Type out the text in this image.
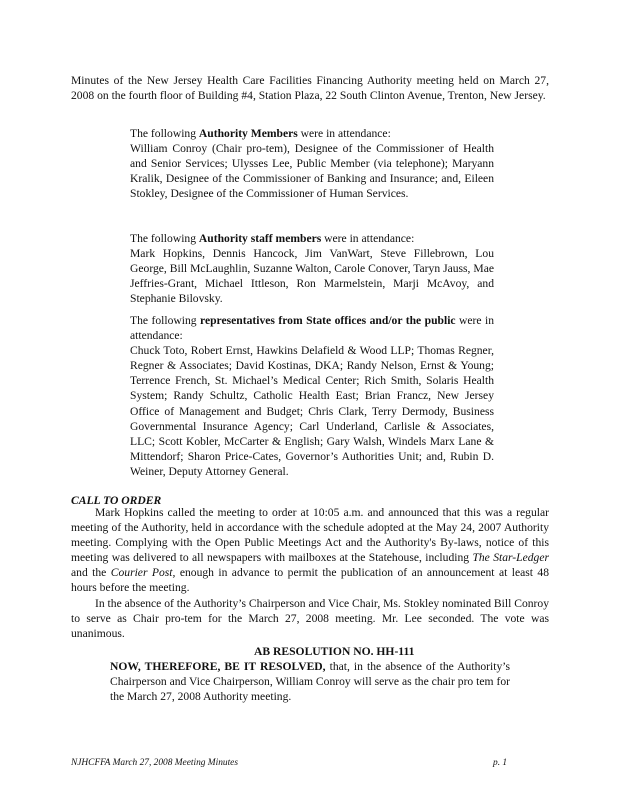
Minutes of the New Jersey Health Care Facilities Financing Authority meeting held on March 27, 2008 on the fourth floor of Building #4, Station Plaza, 22 South Clinton Avenue, Trenton, New Jersey.

The following Authority Members were in attendance:

William Conroy (Chair pro-tem), Designee of the Commissioner of Health and Senior Services; Ulysses Lee, Public Member (via telephone); Maryann Kralik, Designee of the Commissioner of Banking and Insurance; and, Eileen Stokley, Designee of the Commissioner of Human Services.

The following Authority staff members were in attendance:

Mark Hopkins, Dennis Hancock, Jim VanWart, Steve Fillebrown, Lou George, Bill McLaughlin, Suzanne Walton, Carole Conover, Taryn Jauss, Mae Jeffries-Grant, Michael Ittleson, Ron Marmelstein, Marji McAvoy, and Stephanie Bilovsky.

The following representatives from State offices and/or the public were in attendance:

Chuck Toto, Robert Ernst, Hawkins Delafield & Wood LLP; Thomas Regner, Regner & Associates; David Kostinas, DKA; Randy Nelson, Ernst & Young; Terrence French, St. Michael’s Medical Center; Rich Smith, Solaris Health System; Randy Schultz, Catholic Health East; Brian Francz, New Jersey Office of Management and Budget; Chris Clark, Terry Dermody, Business Governmental Insurance Agency; Carl Underland, Carlisle & Associates, LLC; Scott Kobler, McCarter & English; Gary Walsh, Windels Marx Lane & Mittendorf; Sharon Price-Cates, Governor’s Authorities Unit; and, Rubin D. Weiner, Deputy Attorney General.

CALL TO ORDER

Mark Hopkins called the meeting to order at 10:05 a.m. and announced that this was a regular meeting of the Authority, held in accordance with the schedule adopted at the May 24, 2007 Authority meeting. Complying with the Open Public Meetings Act and the Authority's By-laws, notice of this meeting was delivered to all newspapers with mailboxes at the Statehouse, including The Star-Ledger and the Courier Post, enough in advance to permit the publication of an announcement at least 48 hours before the meeting.

In the absence of the Authority’s Chairperson and Vice Chair, Ms. Stokley nominated Bill Conroy to serve as Chair pro-tem for the March 27, 2008 meeting. Mr. Lee seconded. The vote was unanimous.

AB RESOLUTION NO. HH-111

NOW, THEREFORE, BE IT RESOLVED, that, in the absence of the Authority’s Chairperson and Vice Chairperson, William Conroy will serve as the chair pro tem for the March 27, 2008 Authority meeting.

NJHCFFA March 27, 2008 Meeting Minutes	p. 1
